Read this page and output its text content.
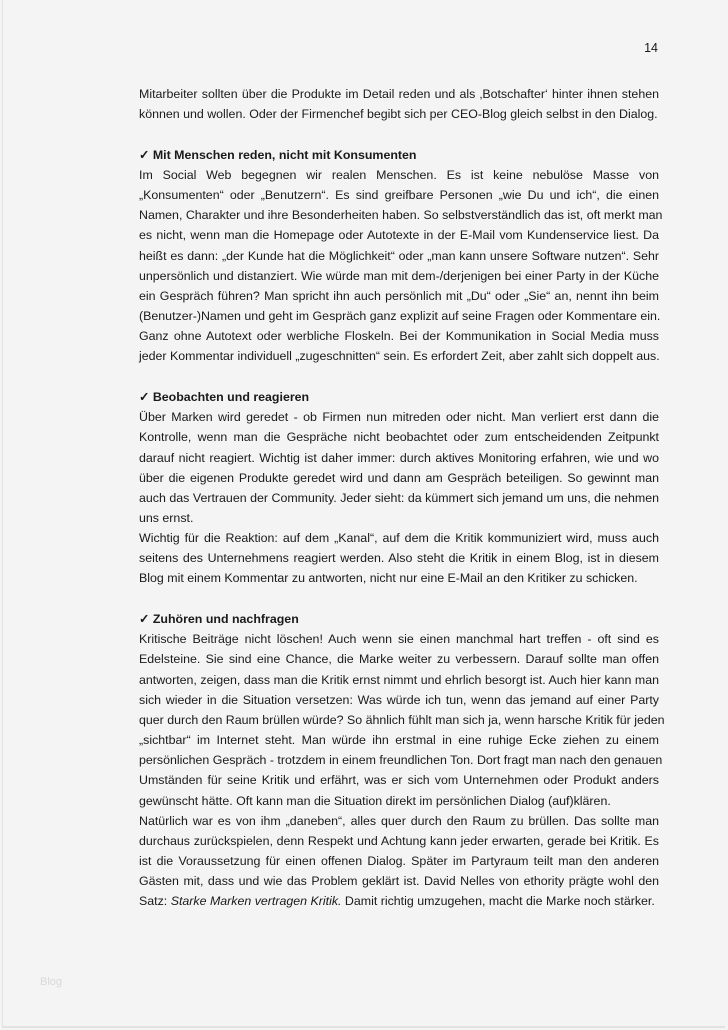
14
Mitarbeiter sollten über die Produkte im Detail reden und als ‚Botschafter‘ hinter ihnen stehen
können und wollen. Oder der Firmenchef begibt sich per CEO-Blog gleich selbst in den Dialog.
✓ Mit Menschen reden, nicht mit Konsumenten
Im Social Web begegnen wir realen Menschen. Es ist keine nebulöse Masse von
„Konsumenten“ oder „Benutzern“. Es sind greifbare Personen „wie Du und ich“, die einen
Namen, Charakter und ihre Besonderheiten haben. So selbstverständlich das ist, oft merkt man
es nicht, wenn man die Homepage oder Autotexte in der E-Mail vom Kundenservice liest. Da
heißt es dann: „der Kunde hat die Möglichkeit“ oder „man kann unsere Software nutzen“. Sehr
unpersönlich und distanziert. Wie würde man mit dem-/derjenigen bei einer Party in der Küche
ein Gespräch führen? Man spricht ihn auch persönlich mit „Du“ oder „Sie“ an, nennt ihn beim
(Benutzer-)Namen und geht im Gespräch ganz explizit auf seine Fragen oder Kommentare ein.
Ganz ohne Autotext oder werbliche Floskeln. Bei der Kommunikation in Social Media muss
jeder Kommentar individuell „zugeschnitten“ sein. Es erfordert Zeit, aber zahlt sich doppelt aus.
✓ Beobachten und reagieren
Über Marken wird geredet - ob Firmen nun mitreden oder nicht. Man verliert erst dann die
Kontrolle, wenn man die Gespräche nicht beobachtet oder zum entscheidenden Zeitpunkt
darauf nicht reagiert. Wichtig ist daher immer: durch aktives Monitoring erfahren, wie und wo
über die eigenen Produkte geredet wird und dann am Gespräch beteiligen. So gewinnt man
auch das Vertrauen der Community. Jeder sieht: da kümmert sich jemand um uns, die nehmen
uns ernst.
Wichtig für die Reaktion: auf dem „Kanal“, auf dem die Kritik kommuniziert wird, muss auch
seitens des Unternehmens reagiert werden. Also steht die Kritik in einem Blog, ist in diesem
Blog mit einem Kommentar zu antworten, nicht nur eine E-Mail an den Kritiker zu schicken.
✓ Zuhören und nachfragen
Kritische Beiträge nicht löschen! Auch wenn sie einen manchmal hart treffen - oft sind es
Edelsteine. Sie sind eine Chance, die Marke weiter zu verbessern. Darauf sollte man offen
antworten, zeigen, dass man die Kritik ernst nimmt und ehrlich besorgt ist. Auch hier kann man
sich wieder in die Situation versetzen: Was würde ich tun, wenn das jemand auf einer Party
quer durch den Raum brüllen würde? So ähnlich fühlt man sich ja, wenn harsche Kritik für jeden
„sichtbar“ im Internet steht. Man würde ihn erstmal in eine ruhige Ecke ziehen zu einem
persönlichen Gespräch - trotzdem in einem freundlichen Ton. Dort fragt man nach den genauen
Umständen für seine Kritik und erfährt, was er sich vom Unternehmen oder Produkt anders
gewünscht hätte. Oft kann man die Situation direkt im persönlichen Dialog (auf)klären.
Natürlich war es von ihm „daneben“, alles quer durch den Raum zu brüllen. Das sollte man
durchaus zurückspielen, denn Respekt und Achtung kann jeder erwarten, gerade bei Kritik. Es
ist die Voraussetzung für einen offenen Dialog. Später im Partyraum teilt man den anderen
Gästen mit, dass und wie das Problem geklärt ist. David Nelles von ethority prägte wohl den
Satz: Starke Marken vertragen Kritik. Damit richtig umzugehen, macht die Marke noch stärker.
Blog
